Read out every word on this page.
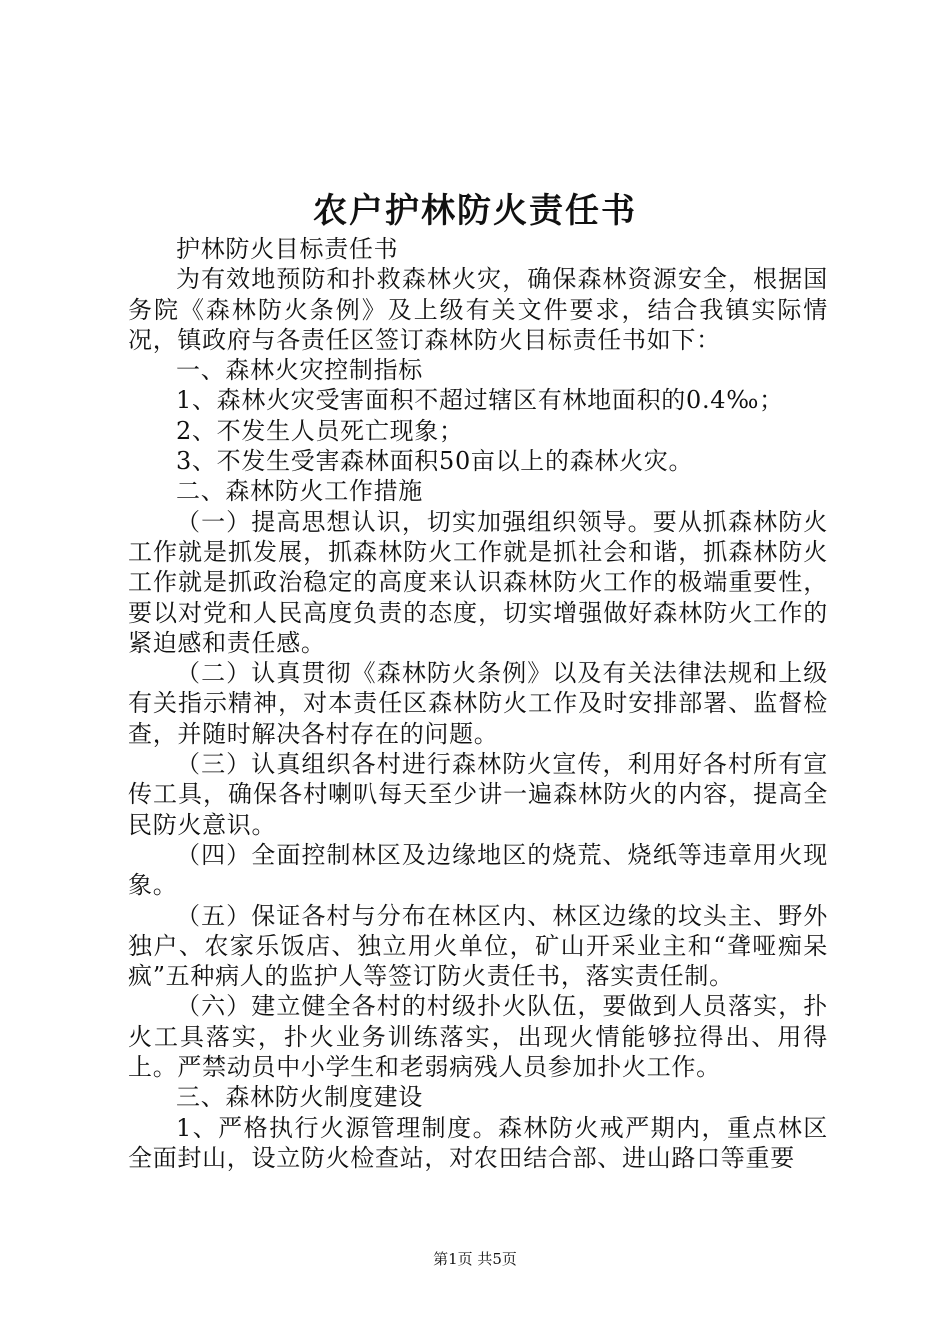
农户护林防火责任书

护林防火目标责任书

为有效地预防和扑救森林火灾，确保森林资源安全，根据国务院《森林防火条例》及上级有关文件要求，结合我镇实际情况，镇政府与各责任区签订森林防火目标责任书如下：

一、森林火灾控制指标

1、森林火灾受害面积不超过辖区有林地面积的0.4‰；

2、不发生人员死亡现象；

3、不发生受害森林面积50亩以上的森林火灾。

二、森林防火工作措施

（一）提高思想认识，切实加强组织领导。要从抓森林防火工作就是抓发展，抓森林防火工作就是抓社会和谐，抓森林防火工作就是抓政治稳定的高度来认识森林防火工作的极端重要性，要以对党和人民高度负责的态度，切实增强做好森林防火工作的紧迫感和责任感。

（二）认真贯彻《森林防火条例》以及有关法律法规和上级有关指示精神，对本责任区森林防火工作及时安排部署、监督检查，并随时解决各村存在的问题。

（三）认真组织各村进行森林防火宣传，利用好各村所有宣传工具，确保各村喇叭每天至少讲一遍森林防火的内容，提高全民防火意识。

（四）全面控制林区及边缘地区的烧荒、烧纸等违章用火现象。

（五）保证各村与分布在林区内、林区边缘的坟头主、野外独户、农家乐饭店、独立用火单位，矿山开采业主和“聋哑痴呆疯”五种病人的监护人等签订防火责任书，落实责任制。

（六）建立健全各村的村级扑火队伍，要做到人员落实，扑火工具落实，扑火业务训练落实，出现火情能够拉得出、用得上。严禁动员中小学生和老弱病残人员参加扑火工作。

三、森林防火制度建设

1、严格执行火源管理制度。森林防火戒严期内，重点林区全面封山，设立防火检查站，对农田结合部、进山路口等重要

第1页 共5页
